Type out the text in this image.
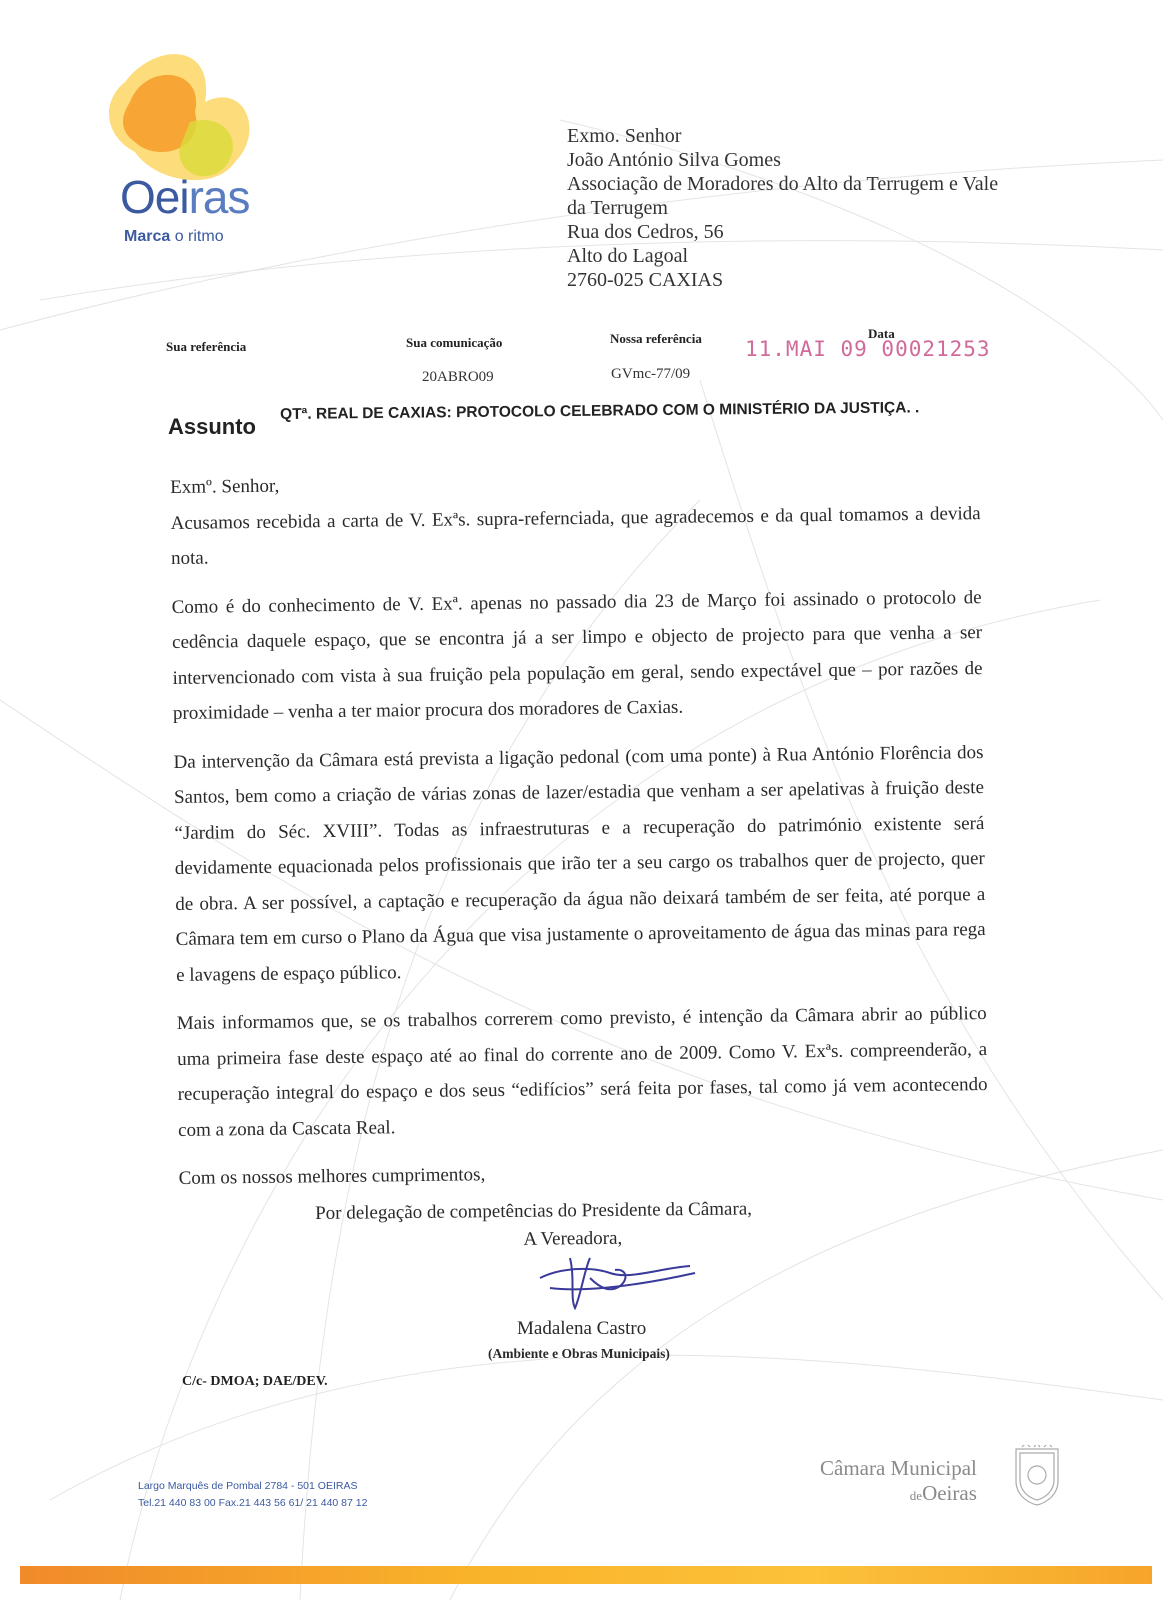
Oeiras
Marca o ritmo
Exmo. Senhor
João António Silva Gomes
Associação de Moradores do Alto da Terrugem e Vale
da Terrugem
Rua dos Cedros, 56
Alto do Lagoal
2760-025 CAXIAS
Sua referência	Sua comunicação
20ABRO09
Nossa referência
GVmc-77/09
Data
11.MAI 09 00021253
Assunto
QTª. REAL DE CAXIAS: PROTOCOLO CELEBRADO COM O MINISTÉRIO DA JUSTIÇA. .

Exmº. Senhor,

Acusamos recebida a carta de V. Exªs. supra-refernciada, que agradecemos e da qual tomamos a devida nota.

Como é do conhecimento de V. Exª. apenas no passado dia 23 de Março foi assinado o protocolo de cedência daquele espaço, que se encontra já a ser limpo e objecto de projecto para que venha a ser intervencionado com vista à sua fruição pela população em geral, sendo expectável que – por razões de proximidade – venha a ter maior procura dos moradores de Caxias.

Da intervenção da Câmara está prevista a ligação pedonal (com uma ponte) à Rua António Florência dos Santos, bem como a criação de várias zonas de lazer/estadia que venham a ser apelativas à fruição deste “Jardim do Séc. XVIII”. Todas as infraestruturas e a recuperação do património existente será devidamente equacionada pelos profissionais que irão ter a seu cargo os trabalhos quer de projecto, quer de obra. A ser possível, a captação e recuperação da água não deixará também de ser feita, até porque a Câmara tem em curso o Plano da Água que visa justamente o aproveitamento de água das minas para rega e lavagens de espaço público.

Mais informamos que, se os trabalhos correrem como previsto, é intenção da Câmara abrir ao público uma primeira fase deste espaço até ao final do corrente ano de 2009. Como V. Exªs. compreenderão, a recuperação integral do espaço e dos seus “edifícios” será feita por fases, tal como já vem acontecendo com a zona da Cascata Real.

Com os nossos melhores cumprimentos,

Por delegação de competências do Presidente da Câmara,
A Vereadora,
Madalena Castro
(Ambiente e Obras Municipais)
C/c- DMOA; DAE/DEV.
Largo Marquês de Pombal 2784 - 501 OEIRAS
Tel.21 440 83 00 Fax.21 443 56 61/ 21 440 87 12
Câmara Municipal
deOeiras
